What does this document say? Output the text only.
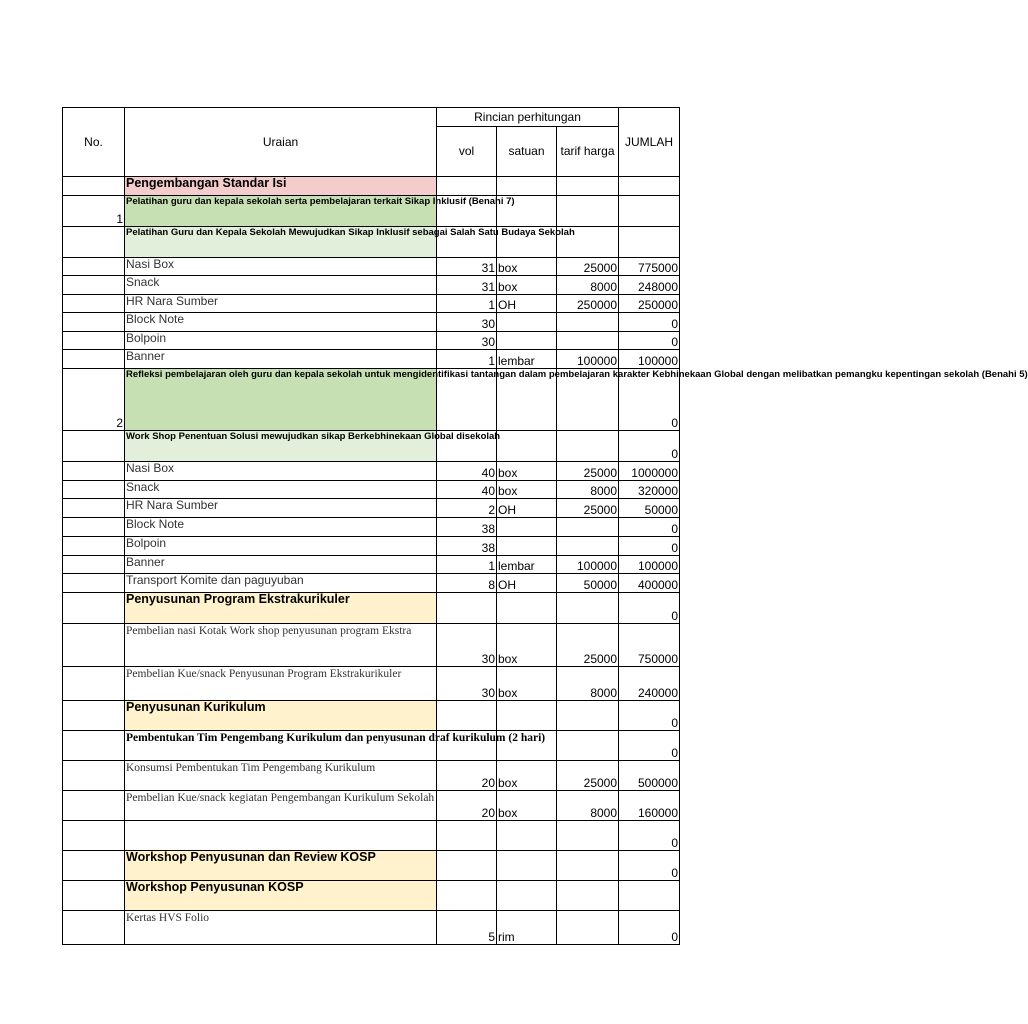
No.	Uraian	Rincian perhitungan			JUMLAH
		vol	satuan	tarif harga	
	Pengembangan Standar Isi				
1	Pelatihan guru dan kepala sekolah serta pembelajaran terkait Sikap Inklusif (Benahi 7)				
	Pelatihan Guru dan Kepala Sekolah Mewujudkan Sikap Inklusif sebagai Salah Satu Budaya Sekolah				
	Nasi Box	31	box	25000	775000
	Snack	31	box	8000	248000
	HR Nara Sumber	1	OH	250000	250000
	Block Note	30			0
	Bolpoin	30			0
	Banner	1	lembar	100000	100000
2	Refleksi pembelajaran oleh guru dan kepala sekolah untuk mengidentifikasi tantangan dalam pembelajaran karakter Kebhinekaan Global dengan melibatkan pemangku kepentingan sekolah (Benahi 5)				0
	Work Shop Penentuan Solusi mewujudkan sikap Berkebhinekaan Global disekolah				0
	Nasi Box	40	box	25000	1000000
	Snack	40	box	8000	320000
	HR Nara Sumber	2	OH	25000	50000
	Block Note	38			0
	Bolpoin	38			0
	Banner	1	lembar	100000	100000
	Transport Komite dan paguyuban	8	OH	50000	400000
	Penyusunan Program Ekstrakurikuler				0
	Pembelian nasi Kotak Work shop penyusunan program Ekstra	30	box	25000	750000
	Pembelian Kue/snack Penyusunan Program Ekstrakurikuler	30	box	8000	240000
	Penyusunan Kurikulum				0
	Pembentukan Tim Pengembang Kurikulum dan penyusunan draf kurikulum (2 hari)				0
	Konsumsi Pembentukan Tim Pengembang Kurikulum	20	box	25000	500000
	Pembelian Kue/snack kegiatan Pengembangan Kurikulum Sekolah	20	box	8000	160000
					0
	Workshop Penyusunan dan Review KOSP				0
	Workshop Penyusunan KOSP				
	Kertas HVS Folio	5	rim		0
